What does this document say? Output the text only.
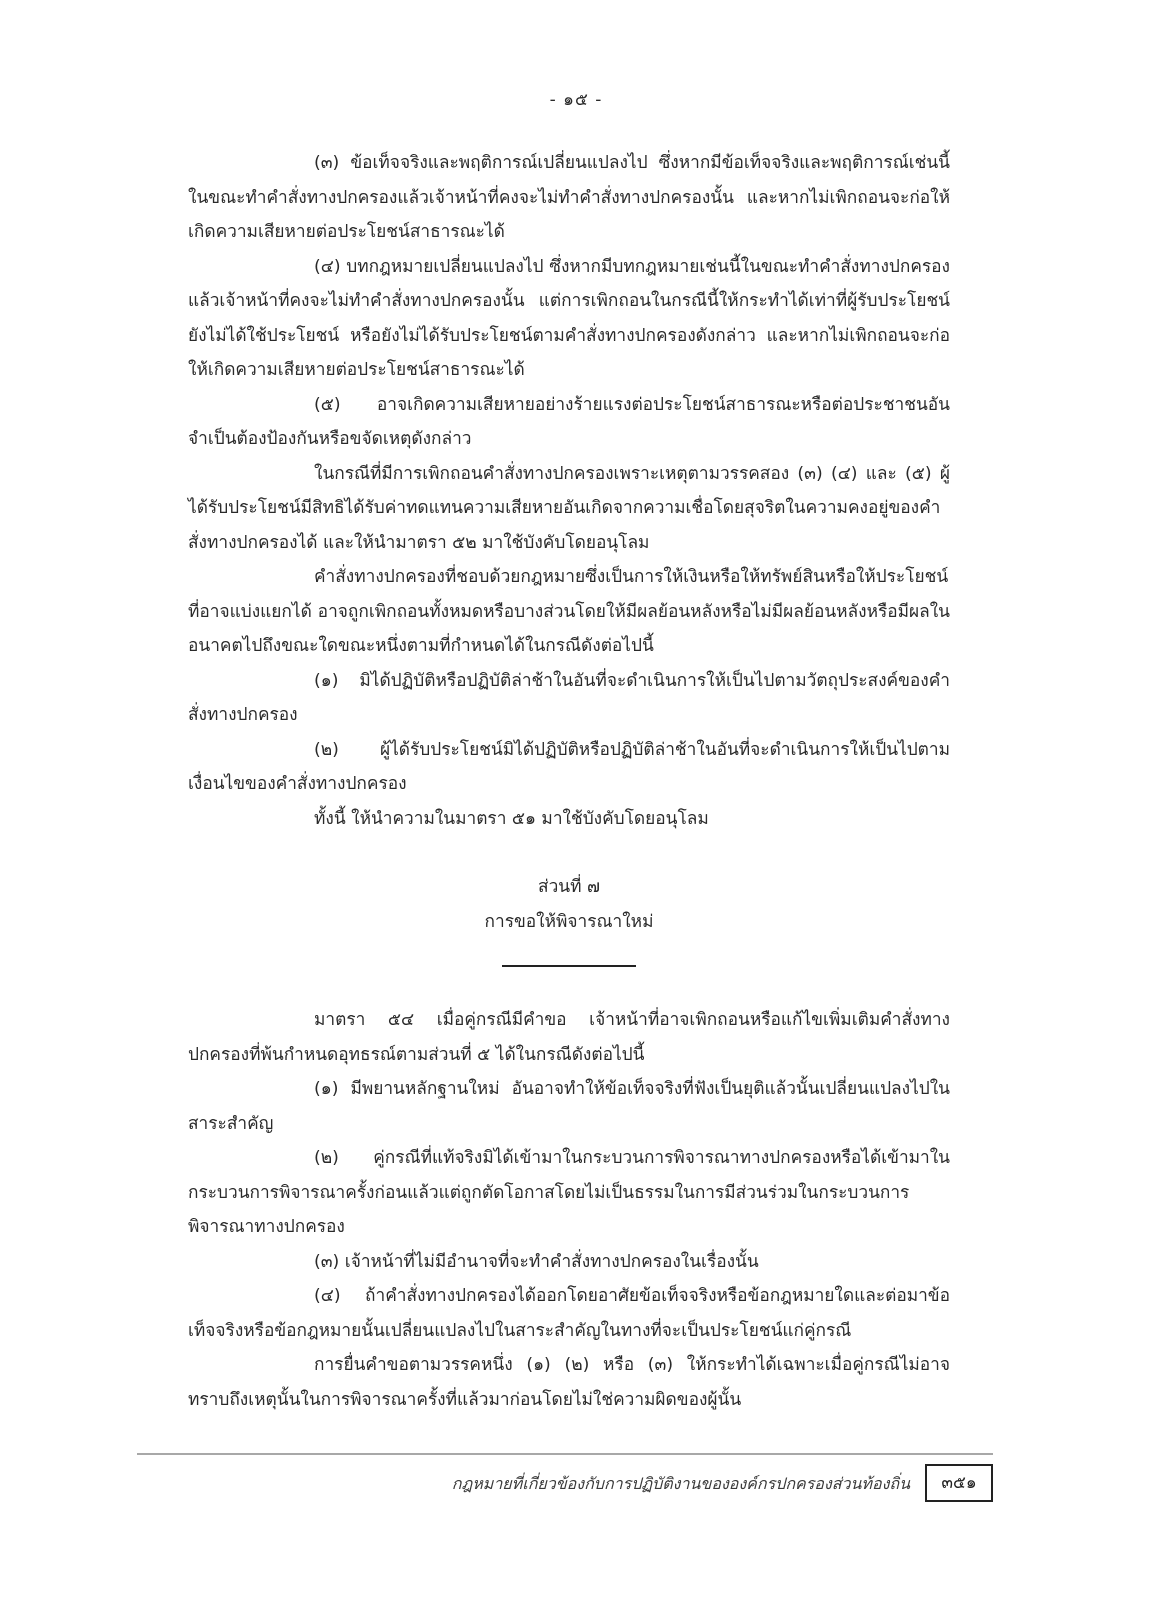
- ๑๕ -

(๓) ข้อเท็จจริงและพฤติการณ์เปลี่ยนแปลงไป ซึ่งหากมีข้อเท็จจริงและพฤติการณ์เช่นนี้ในขณะทำคำสั่งทางปกครองแล้วเจ้าหน้าที่คงจะไม่ทำคำสั่งทางปกครองนั้น และหากไม่เพิกถอนจะก่อให้เกิดความเสียหายต่อประโยชน์สาธารณะได้

(๔) บทกฎหมายเปลี่ยนแปลงไป ซึ่งหากมีบทกฎหมายเช่นนี้ในขณะทำคำสั่งทางปกครองแล้วเจ้าหน้าที่คงจะไม่ทำคำสั่งทางปกครองนั้น แต่การเพิกถอนในกรณีนี้ให้กระทำได้เท่าที่ผู้รับประโยชน์ยังไม่ได้ใช้ประโยชน์ หรือยังไม่ได้รับประโยชน์ตามคำสั่งทางปกครองดังกล่าว และหากไม่เพิกถอนจะก่อให้เกิดความเสียหายต่อประโยชน์สาธารณะได้

(๕) อาจเกิดความเสียหายอย่างร้ายแรงต่อประโยชน์สาธารณะหรือต่อประชาชนอันจำเป็นต้องป้องกันหรือขจัดเหตุดังกล่าว

ในกรณีที่มีการเพิกถอนคำสั่งทางปกครองเพราะเหตุตามวรรคสอง (๓) (๔) และ (๕) ผู้ได้รับประโยชน์มีสิทธิได้รับค่าทดแทนความเสียหายอันเกิดจากความเชื่อโดยสุจริตในความคงอยู่ของคำสั่งทางปกครองได้ และให้นำมาตรา ๕๒ มาใช้บังคับโดยอนุโลม

คำสั่งทางปกครองที่ชอบด้วยกฎหมายซึ่งเป็นการให้เงินหรือให้ทรัพย์สินหรือให้ประโยชน์ที่อาจแบ่งแยกได้ อาจถูกเพิกถอนทั้งหมดหรือบางส่วนโดยให้มีผลย้อนหลังหรือไม่มีผลย้อนหลังหรือมีผลในอนาคตไปถึงขณะใดขณะหนึ่งตามที่กำหนดได้ในกรณีดังต่อไปนี้

(๑) มิได้ปฏิบัติหรือปฏิบัติล่าช้าในอันที่จะดำเนินการให้เป็นไปตามวัตถุประสงค์ของคำสั่งทางปกครอง

(๒) ผู้ได้รับประโยชน์มิได้ปฏิบัติหรือปฏิบัติล่าช้าในอันที่จะดำเนินการให้เป็นไปตามเงื่อนไขของคำสั่งทางปกครอง

ทั้งนี้ ให้นำความในมาตรา ๕๑ มาใช้บังคับโดยอนุโลม

ส่วนที่ ๗

การขอให้พิจารณาใหม่

มาตรา ๕๔ เมื่อคู่กรณีมีคำขอ เจ้าหน้าที่อาจเพิกถอนหรือแก้ไขเพิ่มเติมคำสั่งทางปกครองที่พ้นกำหนดอุทธรณ์ตามส่วนที่ ๕ ได้ในกรณีดังต่อไปนี้

(๑) มีพยานหลักฐานใหม่ อันอาจทำให้ข้อเท็จจริงที่ฟังเป็นยุติแล้วนั้นเปลี่ยนแปลงไปในสาระสำคัญ

(๒) คู่กรณีที่แท้จริงมิได้เข้ามาในกระบวนการพิจารณาทางปกครองหรือได้เข้ามาในกระบวนการพิจารณาครั้งก่อนแล้วแต่ถูกตัดโอกาสโดยไม่เป็นธรรมในการมีส่วนร่วมในกระบวนการพิจารณาทางปกครอง

(๓) เจ้าหน้าที่ไม่มีอำนาจที่จะทำคำสั่งทางปกครองในเรื่องนั้น

(๔) ถ้าคำสั่งทางปกครองได้ออกโดยอาศัยข้อเท็จจริงหรือข้อกฎหมายใดและต่อมาข้อเท็จจริงหรือข้อกฎหมายนั้นเปลี่ยนแปลงไปในสาระสำคัญในทางที่จะเป็นประโยชน์แก่คู่กรณี

การยื่นคำขอตามวรรคหนึ่ง (๑) (๒) หรือ (๓) ให้กระทำได้เฉพาะเมื่อคู่กรณีไม่อาจทราบถึงเหตุนั้นในการพิจารณาครั้งที่แล้วมาก่อนโดยไม่ใช่ความผิดของผู้นั้น

กฎหมายที่เกี่ยวข้องกับการปฏิบัติงานขององค์กรปกครองส่วนท้องถิ่น	๓๕๑
